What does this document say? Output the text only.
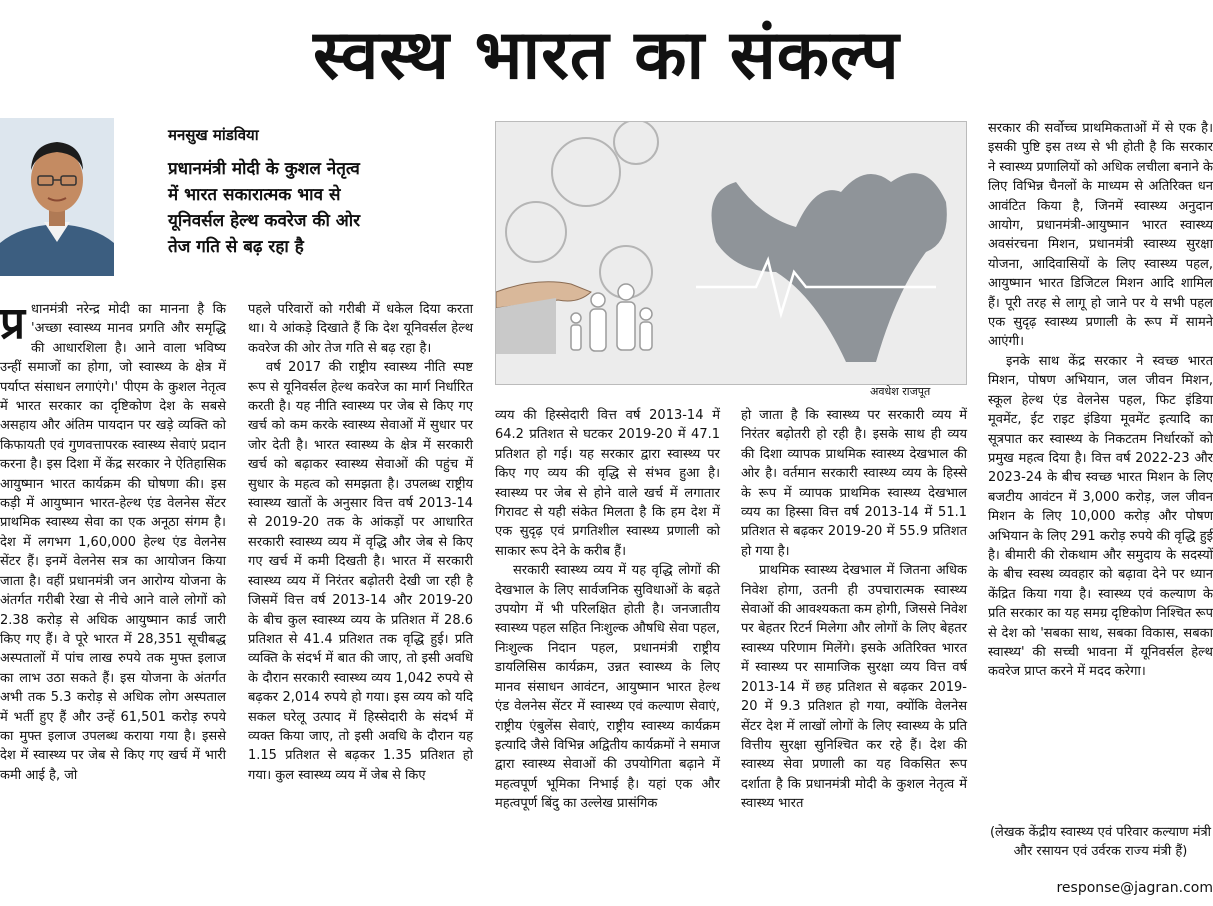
स्वस्थ भारत का संकल्प
मनसुख मांडविया
प्रधानमंत्री मोदी के कुशल नेतृत्व
में भारत सकारात्मक भाव से
यूनिवर्सल हेल्थ कवरेज की ओर
तेज गति से बढ़ रहा है
अवधेश राजपूत
प्र धानमंत्री नरेन्द्र मोदी का मानना है कि 'अच्छा स्वास्थ्य मानव प्रगति और समृद्धि की आधारशिला है। आने वाला भविष्य उन्हीं समाजों का होगा, जो स्वास्थ्य के क्षेत्र में पर्याप्त संसाधन लगाएंगे।' पीएम के कुशल नेतृत्व में भारत सरकार का दृष्टिकोण देश के सबसे असहाय और अंतिम पायदान पर खड़े व्यक्ति को किफायती एवं गुणवत्तापरक स्वास्थ्य सेवाएं प्रदान करना है। इस दिशा में केंद्र सरकार ने ऐतिहासिक आयुष्मान भारत कार्यक्रम की घोषणा की। इस कड़ी में आयुष्मान भारत-हेल्थ एंड वेलनेस सेंटर प्राथमिक स्वास्थ्य सेवा का एक अनूठा संगम है। देश में लगभग 1,60,000 हेल्थ एंड वेलनेस सेंटर हैं। इनमें वेलनेस सत्र का आयोजन किया जाता है। वहीं प्रधानमंत्री जन आरोग्य योजना के अंतर्गत गरीबी रेखा से नीचे आने वाले लोगों को 2.38 करोड़ से अधिक आयुष्मान कार्ड जारी किए गए हैं। वे पूरे भारत में 28,351 सूचीबद्ध अस्पतालों में पांच लाख रुपये तक मुफ्त इलाज का लाभ उठा सकते हैं। इस योजना के अंतर्गत अभी तक 5.3 करोड़ से अधिक लोग अस्पताल में भर्ती हुए हैं और उन्हें 61,501 करोड़ रुपये का मुफ्त इलाज उपलब्ध कराया गया है। इससे देश में स्वास्थ्य पर जेब से किए गए खर्च में भारी कमी आई है, जो

पहले परिवारों को गरीबी में धकेल दिया करता था। ये आंकड़े दिखाते हैं कि देश यूनिवर्सल हेल्थ कवरेज की ओर तेज गति से बढ़ रहा है।

वर्ष 2017 की राष्ट्रीय स्वास्थ्य नीति स्पष्ट रूप से यूनिवर्सल हेल्थ कवरेज का मार्ग निर्धारित करती है। यह नीति स्वास्थ्य पर जेब से किए गए खर्च को कम करके स्वास्थ्य सेवाओं में सुधार पर जोर देती है। भारत स्वास्थ्य के क्षेत्र में सरकारी खर्च को बढ़ाकर स्वास्थ्य सेवाओं की पहुंच में सुधार के महत्व को समझता है। उपलब्ध राष्ट्रीय स्वास्थ्य खातों के अनुसार वित्त वर्ष 2013-14 से 2019-20 तक के आंकड़ों पर आधारित सरकारी स्वास्थ्य व्यय में वृद्धि और जेब से किए गए खर्च में कमी दिखती है। भारत में सरकारी स्वास्थ्य व्यय में निरंतर बढ़ोतरी देखी जा रही है जिसमें वित्त वर्ष 2013-14 और 2019-20 के बीच कुल स्वास्थ्य व्यय के प्रतिशत में 28.6 प्रतिशत से 41.4 प्रतिशत तक वृद्धि हुई। प्रति व्यक्ति के संदर्भ में बात की जाए, तो इसी अवधि के दौरान सरकारी स्वास्थ्य व्यय 1,042 रुपये से बढ़कर 2,014 रुपये हो गया। इस व्यय को यदि सकल घरेलू उत्पाद में हिस्सेदारी के संदर्भ में व्यक्त किया जाए, तो इसी अवधि के दौरान यह 1.15 प्रतिशत से बढ़कर 1.35 प्रतिशत हो गया। कुल स्वास्थ्य व्यय में जेब से किए

व्यय की हिस्सेदारी वित्त वर्ष 2013-14 में 64.2 प्रतिशत से घटकर 2019-20 में 47.1 प्रतिशत हो गई। यह सरकार द्वारा स्वास्थ्य पर किए गए व्यय की वृद्धि से संभव हुआ है। स्वास्थ्य पर जेब से होने वाले खर्च में लगातार गिरावट से यही संकेत मिलता है कि हम देश में एक सुदृढ़ एवं प्रगतिशील स्वास्थ्य प्रणाली को साकार रूप देने के करीब हैं।

सरकारी स्वास्थ्य व्यय में यह वृद्धि लोगों की देखभाल के लिए सार्वजनिक सुविधाओं के बढ़ते उपयोग में भी परिलक्षित होती है। जनजातीय स्वास्थ्य पहल सहित निःशुल्क औषधि सेवा पहल, निःशुल्क निदान पहल, प्रधानमंत्री राष्ट्रीय डायलिसिस कार्यक्रम, उन्नत स्वास्थ्य के लिए मानव संसाधन आवंटन, आयुष्मान भारत हेल्थ एंड वेलनेस सेंटर में स्वास्थ्य एवं कल्याण सेवाएं, राष्ट्रीय एंबुलेंस सेवाएं, राष्ट्रीय स्वास्थ्य कार्यक्रम इत्यादि जैसे विभिन्न अद्वितीय कार्यक्रमों ने समाज द्वारा स्वास्थ्य सेवाओं की उपयोगिता बढ़ाने में महत्वपूर्ण भूमिका निभाई है। यहां एक और महत्वपूर्ण बिंदु का उल्लेख प्रासंगिक

हो जाता है कि स्वास्थ्य पर सरकारी व्यय में निरंतर बढ़ोतरी हो रही है। इसके साथ ही व्यय की दिशा व्यापक प्राथमिक स्वास्थ्य देखभाल की ओर है। वर्तमान सरकारी स्वास्थ्य व्यय के हिस्से के रूप में व्यापक प्राथमिक स्वास्थ्य देखभाल व्यय का हिस्सा वित्त वर्ष 2013-14 में 51.1 प्रतिशत से बढ़कर 2019-20 में 55.9 प्रतिशत हो गया है।

प्राथमिक स्वास्थ्य देखभाल में जितना अधिक निवेश होगा, उतनी ही उपचारात्मक स्वास्थ्य सेवाओं की आवश्यकता कम होगी, जिससे निवेश पर बेहतर रिटर्न मिलेगा और लोगों के लिए बेहतर स्वास्थ्य परिणाम मिलेंगे। इसके अतिरिक्त भारत में स्वास्थ्य पर सामाजिक सुरक्षा व्यय वित्त वर्ष 2013-14 में छह प्रतिशत से बढ़कर 2019-20 में 9.3 प्रतिशत हो गया, क्योंकि वेलनेस सेंटर देश में लाखों लोगों के लिए स्वास्थ्य के प्रति वित्तीय सुरक्षा सुनिश्चित कर रहे हैं। देश की स्वास्थ्य सेवा प्रणाली का यह विकसित रूप दर्शाता है कि प्रधानमंत्री मोदी के कुशल नेतृत्व में स्वास्थ्य भारत

सरकार की सर्वोच्च प्राथमिकताओं में से एक है। इसकी पुष्टि इस तथ्य से भी होती है कि सरकार ने स्वास्थ्य प्रणालियों को अधिक लचीला बनाने के लिए विभिन्न चैनलों के माध्यम से अतिरिक्त धन आवंटित किया है, जिनमें स्वास्थ्य अनुदान आयोग, प्रधानमंत्री-आयुष्मान भारत स्वास्थ्य अवसंरचना मिशन, प्रधानमंत्री स्वास्थ्य सुरक्षा योजना, आदिवासियों के लिए स्वास्थ्य पहल, आयुष्मान भारत डिजिटल मिशन आदि शामिल हैं। पूरी तरह से लागू हो जाने पर ये सभी पहल एक सुदृढ़ स्वास्थ्य प्रणाली के रूप में सामने आएंगी।

इनके साथ केंद्र सरकार ने स्वच्छ भारत मिशन, पोषण अभियान, जल जीवन मिशन, स्कूल हेल्थ एंड वेलनेस पहल, फिट इंडिया मूवमेंट, ईट राइट इंडिया मूवमेंट इत्यादि का सूत्रपात कर स्वास्थ्य के निकटतम निर्धारकों को प्रमुख महत्व दिया है। वित्त वर्ष 2022-23 और 2023-24 के बीच स्वच्छ भारत मिशन के लिए बजटीय आवंटन में 3,000 करोड़, जल जीवन मिशन के लिए 10,000 करोड़ और पोषण अभियान के लिए 291 करोड़ रुपये की वृद्धि हुई है। बीमारी की रोकथाम और समुदाय के सदस्यों के बीच स्वस्थ व्यवहार को बढ़ावा देने पर ध्यान केंद्रित किया गया है। स्वास्थ्य एवं कल्याण के प्रति सरकार का यह समग्र दृष्टिकोण निश्चित रूप से देश को 'सबका साथ, सबका विकास, सबका स्वास्थ्य' की सच्ची भावना में यूनिवर्सल हेल्थ कवरेज प्राप्त करने में मदद करेगा।

(लेखक केंद्रीय स्वास्थ्य एवं परिवार कल्याण मंत्री और रसायन एवं उर्वरक राज्य मंत्री हैं)
response@jagran.com
